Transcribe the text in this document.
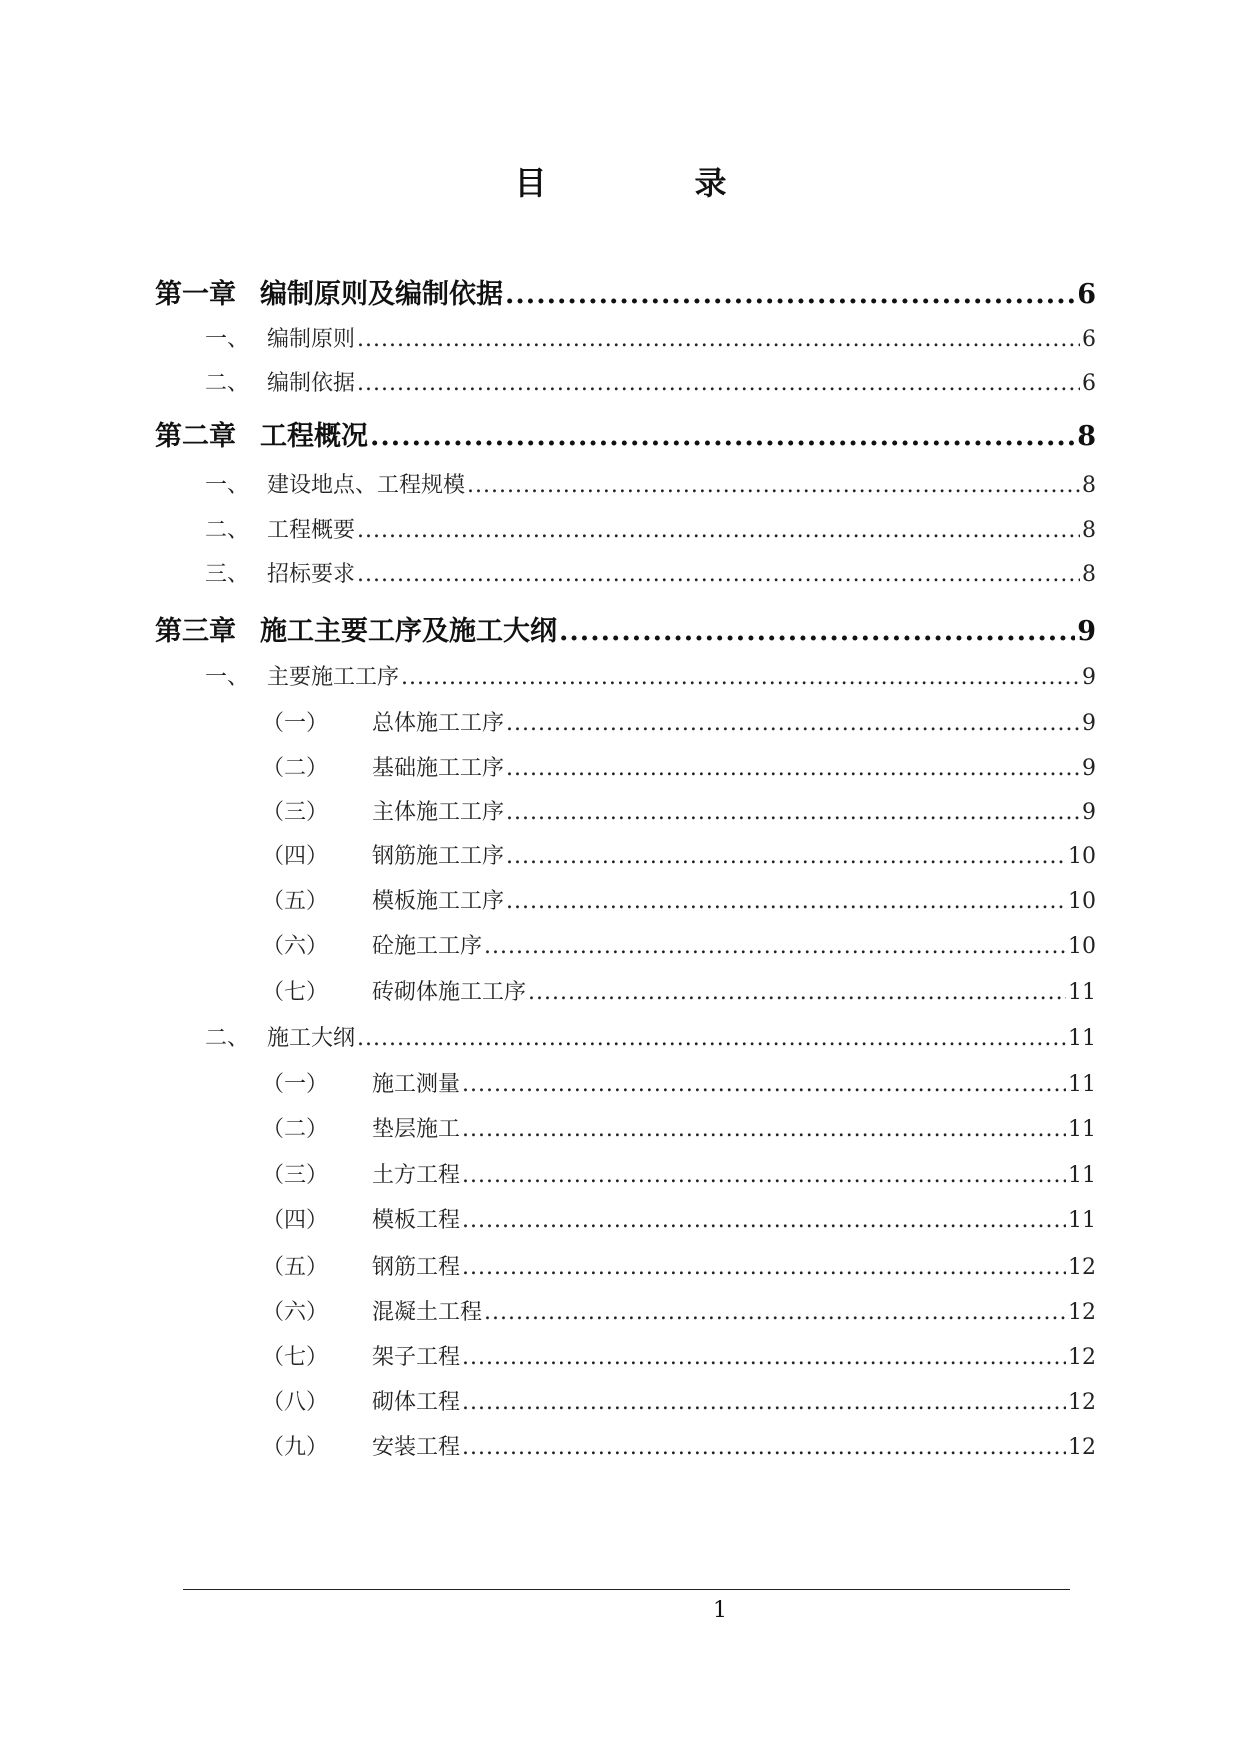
目　录
第一章 编制原则及编制依据 .....	6
一、 编制原则 .....	6
二、 编制依据 .....	6
第二章 工程概况 .....	8
一、 建设地点、工程规模 .....	8
二、 工程概要 .....	8
三、 招标要求 .....	8
第三章 施工主要工序及施工大纲 .....	9
一、 主要施工工序 .....	9
（一）	总体施工工序 .....	9
（二）	基础施工工序 .....	9
（三）	主体施工工序 .....	9
（四）	钢筋施工工序 .....	10
（五）	模板施工工序 .....	10
（六）	砼施工工序 .....	10
（七）	砖砌体施工工序 .....	11
二、 施工大纲 .....	11
（一）	施工测量 .....	11
（二）	垫层施工 .....	11
（三）	土方工程 .....	11
（四）	模板工程 .....	11
（五）	钢筋工程 .....	12
（六）	混凝土工程 .....	12
（七）	架子工程 .....	12
（八）	砌体工程 .....	12
（九）	安装工程 .....	12
1
